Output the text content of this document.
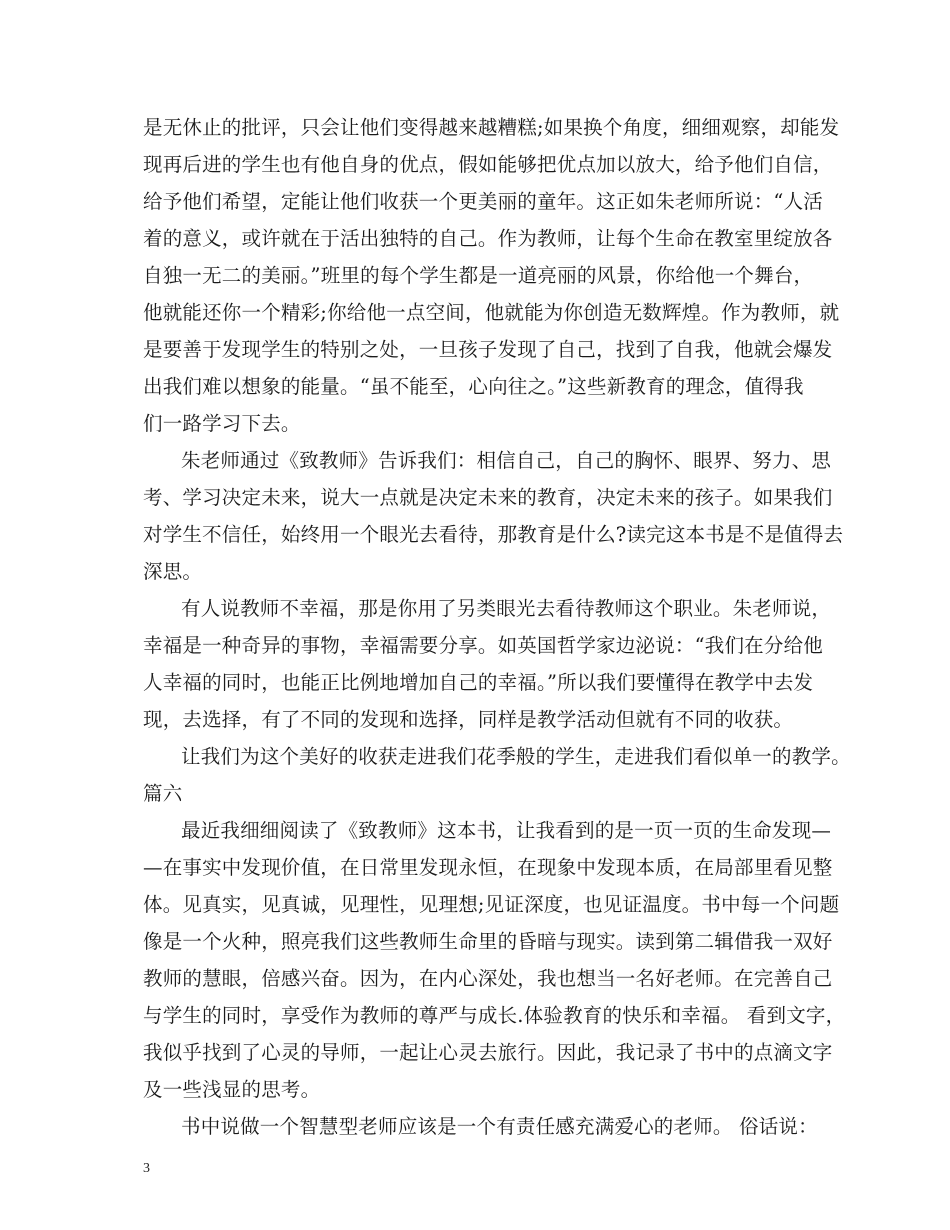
是无休止的批评，只会让他们变得越来越糟糕;如果换个角度，细细观察，却能发
现再后进的学生也有他自身的优点，假如能够把优点加以放大，给予他们自信，
给予他们希望，定能让他们收获一个更美丽的童年。这正如朱老师所说：“人活
着的意义，或许就在于活出独特的自己。作为教师，让每个生命在教室里绽放各
自独一无二的美丽。”班里的每个学生都是一道亮丽的风景，你给他一个舞台，
他就能还你一个精彩;你给他一点空间，他就能为你创造无数辉煌。作为教师，就
是要善于发现学生的特别之处，一旦孩子发现了自己，找到了自我，他就会爆发
出我们难以想象的能量。“虽不能至，心向往之。”这些新教育的理念，值得我
们一路学习下去。
朱老师通过《致教师》告诉我们：相信自己，自己的胸怀、眼界、努力、思
考、学习决定未来，说大一点就是决定未来的教育，决定未来的孩子。如果我们
对学生不信任，始终用一个眼光去看待，那教育是什么?读完这本书是不是值得去
深思。
有人说教师不幸福，那是你用了另类眼光去看待教师这个职业。朱老师说，
幸福是一种奇异的事物，幸福需要分享。如英国哲学家边泌说：“我们在分给他
人幸福的同时，也能正比例地增加自己的幸福。”所以我们要懂得在教学中去发
现，去选择，有了不同的发现和选择，同样是教学活动但就有不同的收获。
让我们为这个美好的收获走进我们花季般的学生，走进我们看似单一的教学。
篇六
最近我细细阅读了《致教师》这本书，让我看到的是一页一页的生命发现—
—在事实中发现价值，在日常里发现永恒，在现象中发现本质，在局部里看见整
体。见真实，见真诚，见理性，见理想;见证深度，也见证温度。书中每一个问题
像是一个火种，照亮我们这些教师生命里的昏暗与现实。读到第二辑借我一双好
教师的慧眼，倍感兴奋。因为，在内心深处，我也想当一名好老师。在完善自己
与学生的同时，享受作为教师的尊严与成长.体验教育的快乐和幸福。 看到文字，
我似乎找到了心灵的导师，一起让心灵去旅行。因此，我记录了书中的点滴文字
及一些浅显的思考。
书中说做一个智慧型老师应该是一个有责任感充满爱心的老师。 俗话说：
3
